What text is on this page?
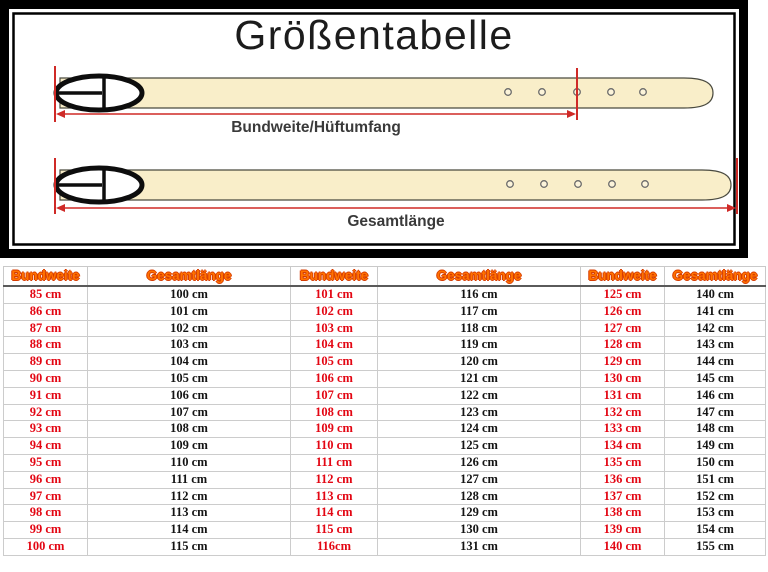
Größentabelle
Bundweite/Hüftumfang
Gesamtlänge
Bundweite	Gesamtlänge	Bundweite	Gesamtlänge	Bundweite	Gesamtlänge
85 cm	100 cm	101 cm	116 cm	125 cm	140 cm
86 cm	101 cm	102 cm	117 cm	126 cm	141 cm
87 cm	102 cm	103 cm	118 cm	127 cm	142 cm
88 cm	103 cm	104 cm	119 cm	128 cm	143 cm
89 cm	104 cm	105 cm	120 cm	129 cm	144 cm
90 cm	105 cm	106 cm	121 cm	130 cm	145 cm
91 cm	106 cm	107 cm	122 cm	131 cm	146 cm
92 cm	107 cm	108 cm	123 cm	132 cm	147 cm
93 cm	108 cm	109 cm	124 cm	133 cm	148 cm
94 cm	109 cm	110 cm	125 cm	134 cm	149 cm
95 cm	110 cm	111 cm	126 cm	135 cm	150 cm
96 cm	111 cm	112 cm	127 cm	136 cm	151 cm
97 cm	112 cm	113 cm	128 cm	137 cm	152 cm
98 cm	113 cm	114 cm	129 cm	138 cm	153 cm
99 cm	114 cm	115 cm	130 cm	139 cm	154 cm
100 cm	115 cm	116cm	131 cm	140 cm	155 cm
